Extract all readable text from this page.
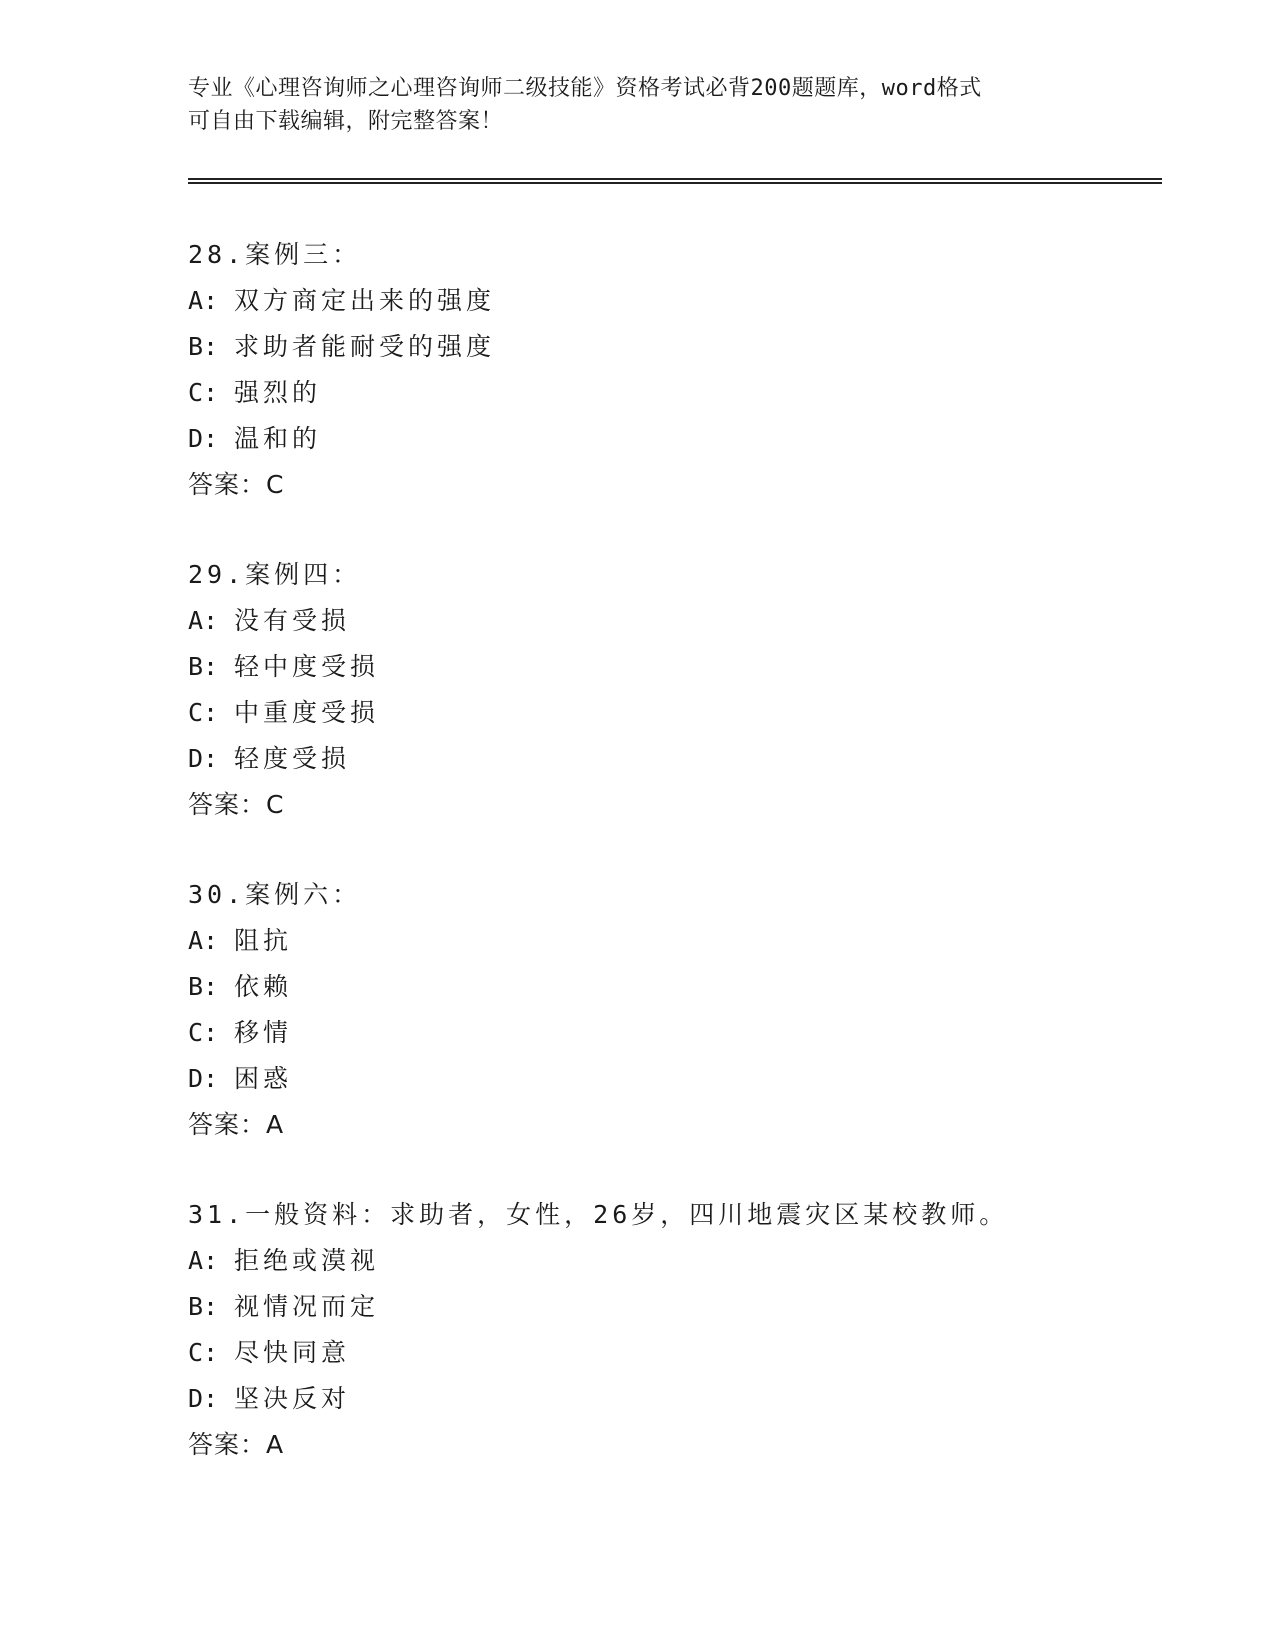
专业《心理咨询师之心理咨询师二级技能》资格考试必背200题题库，word格式
可自由下载编辑，附完整答案！
28.案例三：
A: 双方商定出来的强度
B: 求助者能耐受的强度
C: 强烈的
D: 温和的
答案：C
29.案例四：
A: 没有受损
B: 轻中度受损
C: 中重度受损
D: 轻度受损
答案：C
30.案例六：
A: 阻抗
B: 依赖
C: 移情
D: 困惑
答案：A
31.一般资料：求助者，女性，26岁，四川地震灾区某校教师。
A: 拒绝或漠视
B: 视情况而定
C: 尽快同意
D: 坚决反对
答案：A
